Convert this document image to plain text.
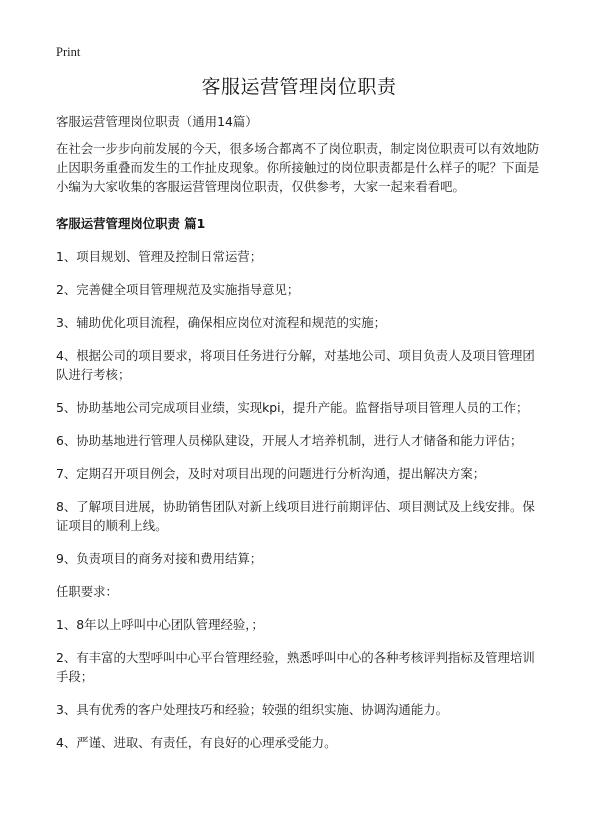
Print
客服运营管理岗位职责
客服运营管理岗位职责（通用14篇）
在社会一步步向前发展的今天，很多场合都离不了岗位职责，制定岗位职责可以有效地防止因职务重叠而发生的工作扯皮现象。你所接触过的岗位职责都是什么样子的呢？下面是小编为大家收集的客服运营管理岗位职责，仅供参考，大家一起来看看吧。
客服运营管理岗位职责 篇1
1、项目规划、管理及控制日常运营；
2、完善健全项目管理规范及实施指导意见；
3、辅助优化项目流程，确保相应岗位对流程和规范的实施；
4、根据公司的项目要求，将项目任务进行分解，对基地公司、项目负责人及项目管理团队进行考核；
5、协助基地公司完成项目业绩，实现kpi，提升产能。监督指导项目管理人员的工作；
6、协助基地进行管理人员梯队建设，开展人才培养机制，进行人才储备和能力评估；
7、定期召开项目例会，及时对项目出现的问题进行分析沟通，提出解决方案；
8、了解项目进展，协助销售团队对新上线项目进行前期评估、项目测试及上线安排。保证项目的顺利上线。
9、负责项目的商务对接和费用结算；
任职要求：
1、8年以上呼叫中心团队管理经验，；
2、有丰富的大型呼叫中心平台管理经验，熟悉呼叫中心的各种考核评判指标及管理培训手段；
3、具有优秀的客户处理技巧和经验；较强的组织实施、协调沟通能力。
4、严谨、进取、有责任，有良好的心理承受能力。
